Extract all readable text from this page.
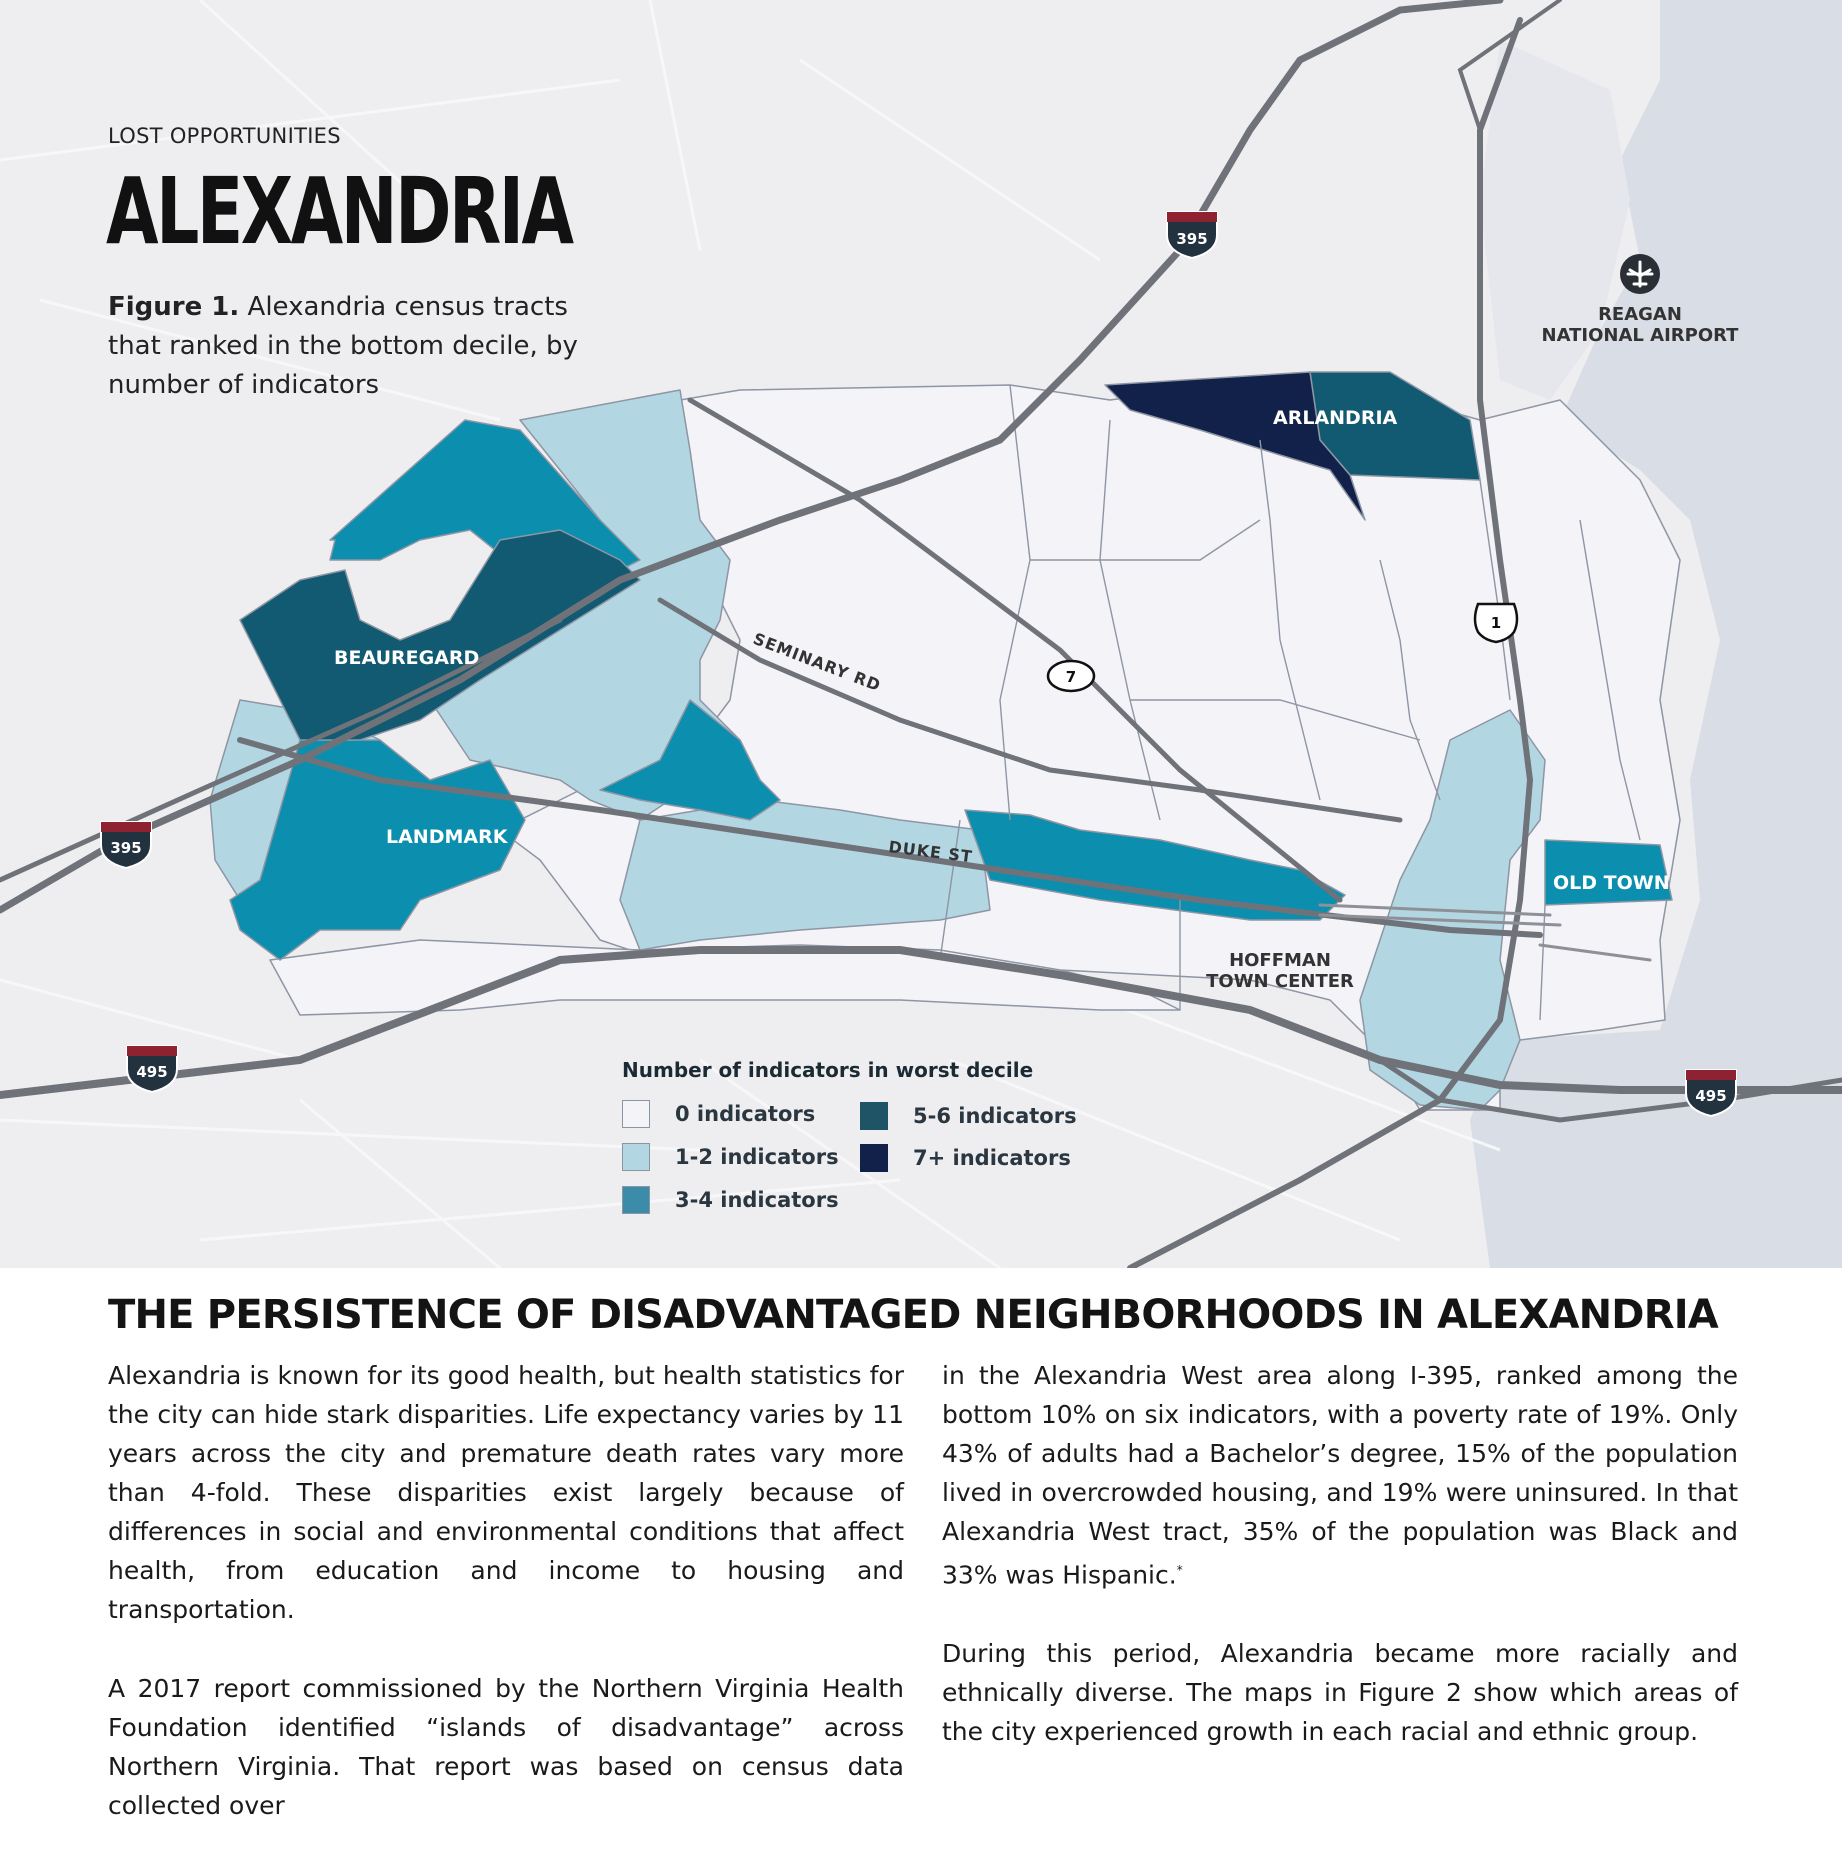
395
395
495
495
1
7
SEMINARY RD
DUKE ST
BEAUREGARD
LANDMARK
ARLANDRIA
OLD TOWN
HOFFMAN
TOWN CENTER
REAGAN
NATIONAL AIRPORT
LOST OPPORTUNITIES
ALEXANDRIA
Figure 1. Alexandria census tracts that ranked in the bottom decile, by number of indicators
Number of indicators in worst decile
0 indicators
1-2 indicators
3-4 indicators
5-6 indicators
7+ indicators
THE PERSISTENCE OF DISADVANTAGED NEIGHBORHOODS IN ALEXANDRIA

Alexandria is known for its good health, but health statistics for the city can hide stark disparities. Life expectancy varies by 11 years across the city and premature death rates vary more than 4-fold. These disparities exist largely because of differences in social and environmental conditions that affect health, from education and income to housing and transportation.

A 2017 report commissioned by the Northern Virginia Health Foundation identified “islands of disadvantage” across Northern Virginia. That report was based on census data collected over

in the Alexandria West area along I-395, ranked among the bottom 10% on six indicators, with a poverty rate of 19%. Only 43% of adults had a Bachelor’s degree, 15% of the population lived in overcrowded housing, and 19% were uninsured. In that Alexandria West tract, 35% of the population was Black and 33% was Hispanic.*

During this period, Alexandria became more racially and ethnically diverse. The maps in Figure 2 show which areas of the city experienced growth in each racial and ethnic group.
